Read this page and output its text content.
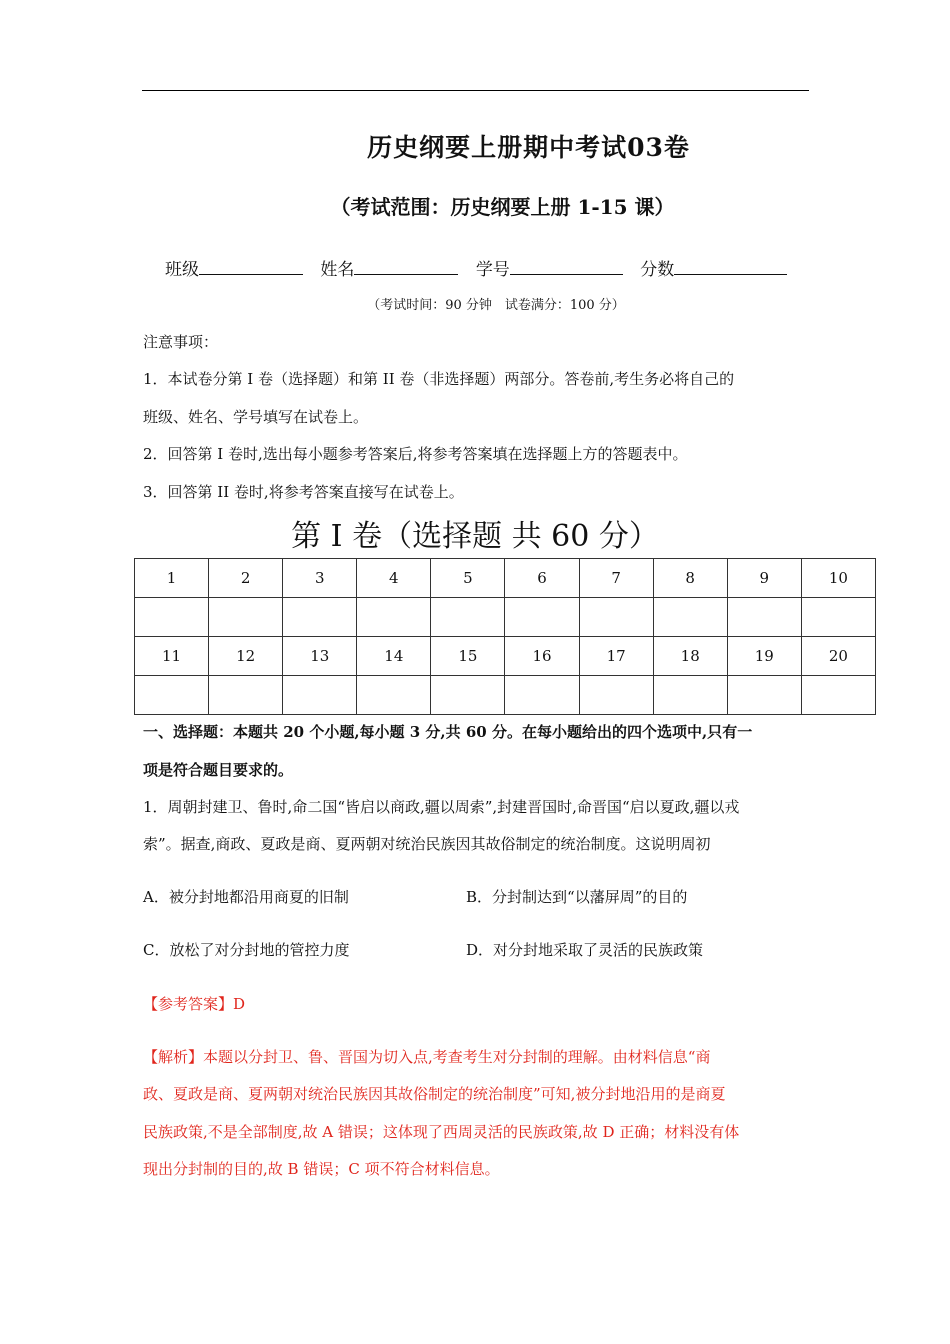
历史纲要上册期中考试03卷
（考试范围：历史纲要上册 1-15 课）
班级	姓名	学号	分数
（考试时间：90 分钟　试卷满分：100 分）
注意事项：
1．本试卷分第 I 卷（选择题）和第 II 卷（非选择题）两部分。答卷前,考生务必将自己的
班级、姓名、学号填写在试卷上。
2．回答第 I 卷时,选出每小题参考答案后,将参考答案填在选择题上方的答题表中。
3．回答第 II 卷时,将参考答案直接写在试卷上。
第 I 卷（选择题 共 60 分）
1	2	3	4	5	6	7	8	9	10

11	12	13	14	15	16	17	18	19	20

一、选择题：本题共 20 个小题,每小题 3 分,共 60 分。在每小题给出的四个选项中,只有一
项是符合题目要求的。
1．周朝封建卫、鲁时,命二国“皆启以商政,疆以周索”,封建晋国时,命晋国“启以夏政,疆以戎
索”。据查,商政、夏政是商、夏两朝对统治民族因其故俗制定的统治制度。这说明周初
A．被分封地都沿用商夏的旧制	B．分封制达到“以藩屏周”的目的
C．放松了对分封地的管控力度	D．对分封地采取了灵活的民族政策
【参考答案】D
【解析】本题以分封卫、鲁、晋国为切入点,考查考生对分封制的理解。由材料信息“商
政、夏政是商、夏两朝对统治民族因其故俗制定的统治制度”可知,被分封地沿用的是商夏
民族政策,不是全部制度,故 A 错误；这体现了西周灵活的民族政策,故 D 正确；材料没有体
现出分封制的目的,故 B 错误；C 项不符合材料信息。
